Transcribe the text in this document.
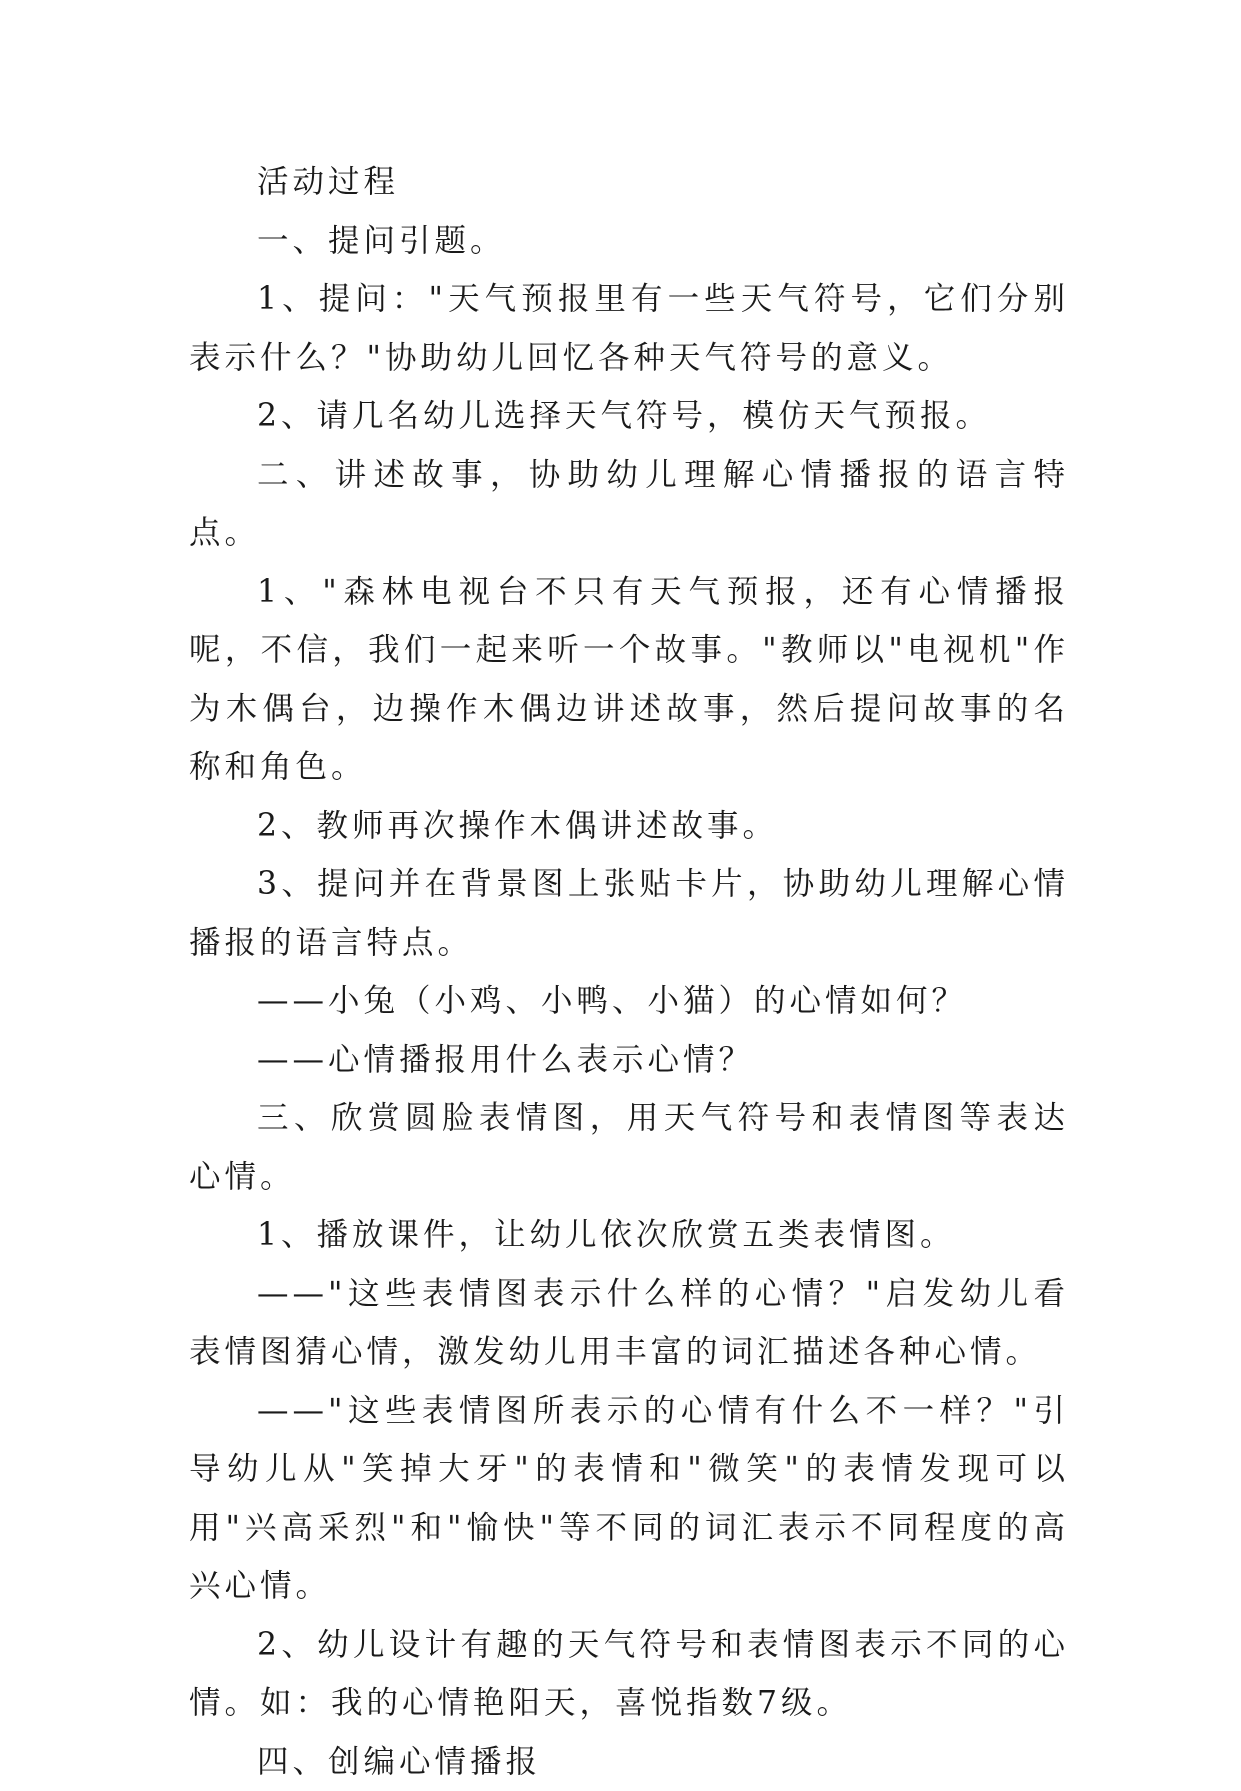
活动过程

一、提问引题。

1、提问："天气预报里有一些天气符号，它们分别表示什么？"协助幼儿回忆各种天气符号的意义。

2、请几名幼儿选择天气符号，模仿天气预报。

二、讲述故事，协助幼儿理解心情播报的语言特点。

1、"森林电视台不只有天气预报，还有心情播报呢，不信，我们一起来听一个故事。"教师以"电视机"作为木偶台，边操作木偶边讲述故事，然后提问故事的名称和角色。

2、教师再次操作木偶讲述故事。

3、提问并在背景图上张贴卡片，协助幼儿理解心情播报的语言特点。

——小兔（小鸡、小鸭、小猫）的心情如何？

——心情播报用什么表示心情？

三、欣赏圆脸表情图，用天气符号和表情图等表达心情。

1、播放课件，让幼儿依次欣赏五类表情图。

——"这些表情图表示什么样的心情？"启发幼儿看表情图猜心情，激发幼儿用丰富的词汇描述各种心情。

——"这些表情图所表示的心情有什么不一样？"引导幼儿从"笑掉大牙"的表情和"微笑"的表情发现可以用"兴高采烈"和"愉快"等不同的词汇表示不同程度的高兴心情。

2、幼儿设计有趣的天气符号和表情图表示不同的心情。如：我的心情艳阳天，喜悦指数7级。

四、创编心情播报
